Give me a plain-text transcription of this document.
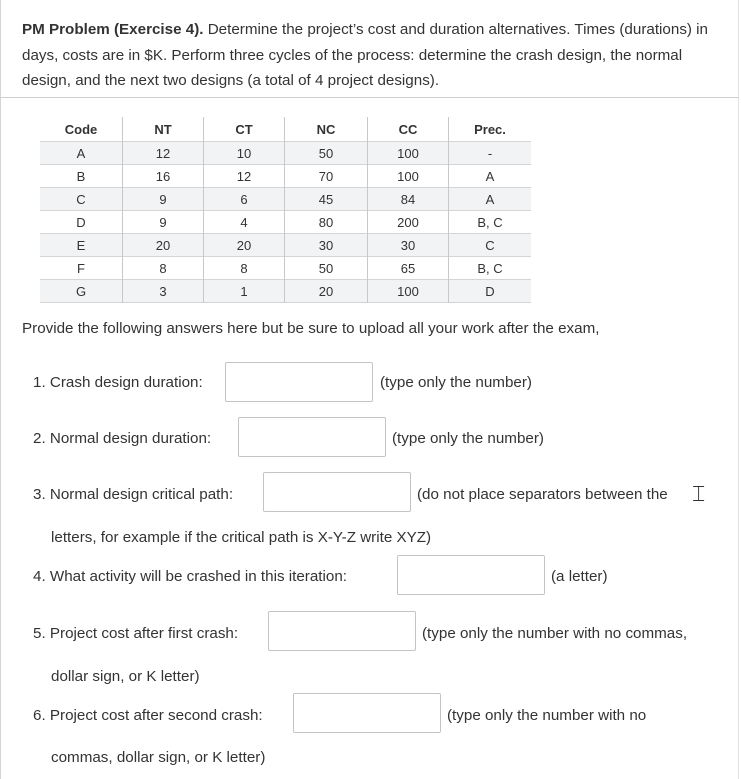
PM Problem (Exercise 4). Determine the project’s cost and duration alternatives. Times (durations) in days, costs are in $K. Perform three cycles of the process: determine the crash design, the normal design, and the next two designs (a total of 4 project designs).
Code	NT	CT	NC	CC	Prec.
A	12	10	50	100	-
B	16	12	70	100	A
C	9	6	45	84	A
D	9	4	80	200	B, C
E	20	20	30	30	C
F	8	8	50	65	B, C
G	3	1	20	100	D
Provide the following answers here but be sure to upload all your work after the exam,
1. Crash design duration:	(type only the number)
2. Normal design duration:	(type only the number)
3. Normal design critical path:	(do not place separators between the
letters, for example if the critical path is X-Y-Z write XYZ)
⌶
4. What activity will be crashed in this iteration:	(a letter)
5. Project cost after first crash:	(type only the number with no commas,
dollar sign, or K letter)
6. Project cost after second crash:	(type only the number with no
commas, dollar sign, or K letter)
